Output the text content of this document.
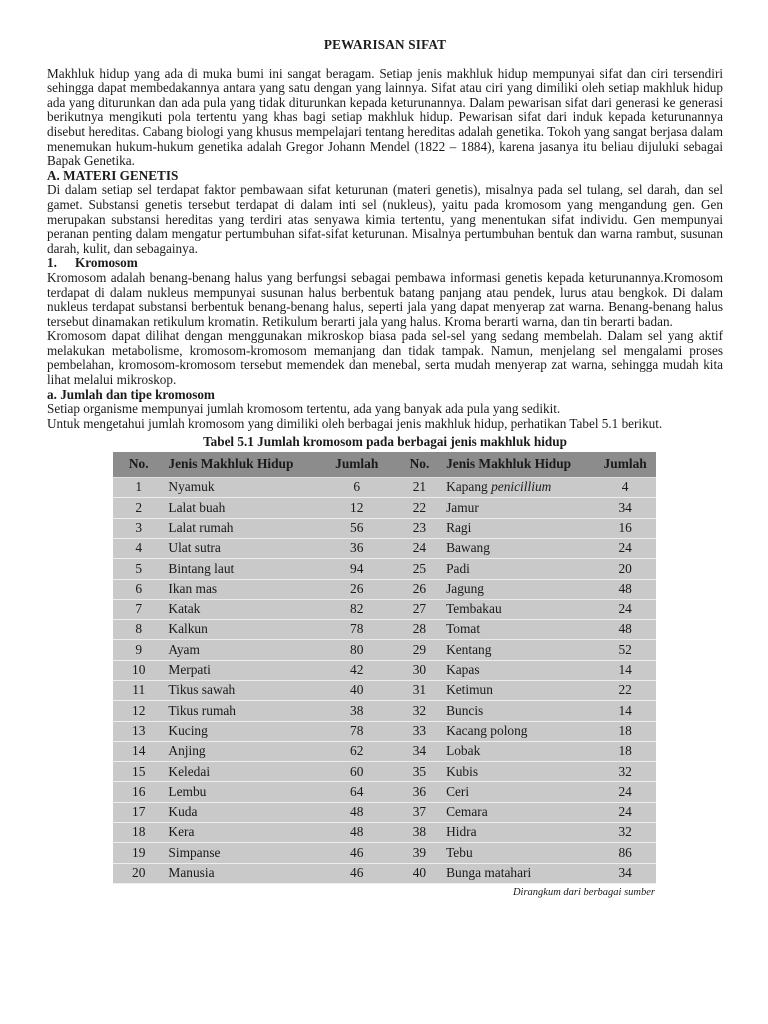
PEWARISAN SIFAT

Makhluk hidup yang ada di muka bumi ini sangat beragam. Setiap jenis makhluk hidup mempunyai sifat dan ciri tersendiri sehingga dapat membedakannya antara yang satu dengan yang lainnya. Sifat atau ciri yang dimiliki oleh setiap makhluk hidup ada yang diturunkan dan ada pula yang tidak diturunkan kepada keturunannya. Dalam pewarisan sifat dari generasi ke generasi berikutnya mengikuti pola tertentu yang khas bagi setiap makhluk hidup. Pewarisan sifat dari induk kepada keturunannya disebut hereditas. Cabang biologi yang khusus mempelajari tentang hereditas adalah genetika. Tokoh yang sangat berjasa dalam menemukan hukum-hukum genetika adalah Gregor Johann Mendel (1822 – 1884), karena jasanya itu beliau dijuluki sebagai Bapak Genetika.

A. MATERI GENETIS

Di dalam setiap sel terdapat faktor pembawaan sifat keturunan (materi genetis), misalnya pada sel tulang, sel darah, dan sel gamet. Substansi genetis tersebut terdapat di dalam inti sel (nukleus), yaitu pada kromosom yang mengandung gen. Gen merupakan substansi hereditas yang terdiri atas senyawa kimia tertentu, yang menentukan sifat individu. Gen mempunyai peranan penting dalam mengatur pertumbuhan sifat-sifat keturunan. Misalnya pertumbuhan bentuk dan warna rambut, susunan darah, kulit, dan sebagainya.

1. Kromosom

Kromosom adalah benang-benang halus yang berfungsi sebagai pembawa informasi genetis kepada keturunannya.Kromosom terdapat di dalam nukleus mempunyai susunan halus berbentuk batang panjang atau pendek, lurus atau bengkok. Di dalam nukleus terdapat substansi berbentuk benang-benang halus, seperti jala yang dapat menyerap zat warna. Benang-benang halus tersebut dinamakan retikulum kromatin. Retikulum berarti jala yang halus. Kroma berarti warna, dan tin berarti badan.

Kromosom dapat dilihat dengan menggunakan mikroskop biasa pada sel-sel yang sedang membelah. Dalam sel yang aktif melakukan metabolisme, kromosom-kromosom memanjang dan tidak tampak. Namun, menjelang sel mengalami proses pembelahan, kromosom-kromosom tersebut memendek dan menebal, serta mudah menyerap zat warna, sehingga mudah kita lihat melalui mikroskop.

a. Jumlah dan tipe kromosom

Setiap organisme mempunyai jumlah kromosom tertentu, ada yang banyak ada pula yang sedikit.

Untuk mengetahui jumlah kromosom yang dimiliki oleh berbagai jenis makhluk hidup, perhatikan Tabel 5.1 berikut.

Tabel 5.1 Jumlah kromosom pada berbagai jenis makhluk hidup
No.	Jenis Makhluk Hidup	Jumlah	No.	Jenis Makhluk Hidup	Jumlah
1	Nyamuk	6	21	Kapang penicillium	4
2	Lalat buah	12	22	Jamur	34
3	Lalat rumah	56	23	Ragi	16
4	Ulat sutra	36	24	Bawang	24
5	Bintang laut	94	25	Padi	20
6	Ikan mas	26	26	Jagung	48
7	Katak	82	27	Tembakau	24
8	Kalkun	78	28	Tomat	48
9	Ayam	80	29	Kentang	52
10	Merpati	42	30	Kapas	14
11	Tikus sawah	40	31	Ketimun	22
12	Tikus rumah	38	32	Buncis	14
13	Kucing	78	33	Kacang polong	18
14	Anjing	62	34	Lobak	18
15	Keledai	60	35	Kubis	32
16	Lembu	64	36	Ceri	24
17	Kuda	48	37	Cemara	24
18	Kera	48	38	Hidra	32
19	Simpanse	46	39	Tebu	86
20	Manusia	46	40	Bunga matahari	34
Dirangkum dari berbagai sumber
